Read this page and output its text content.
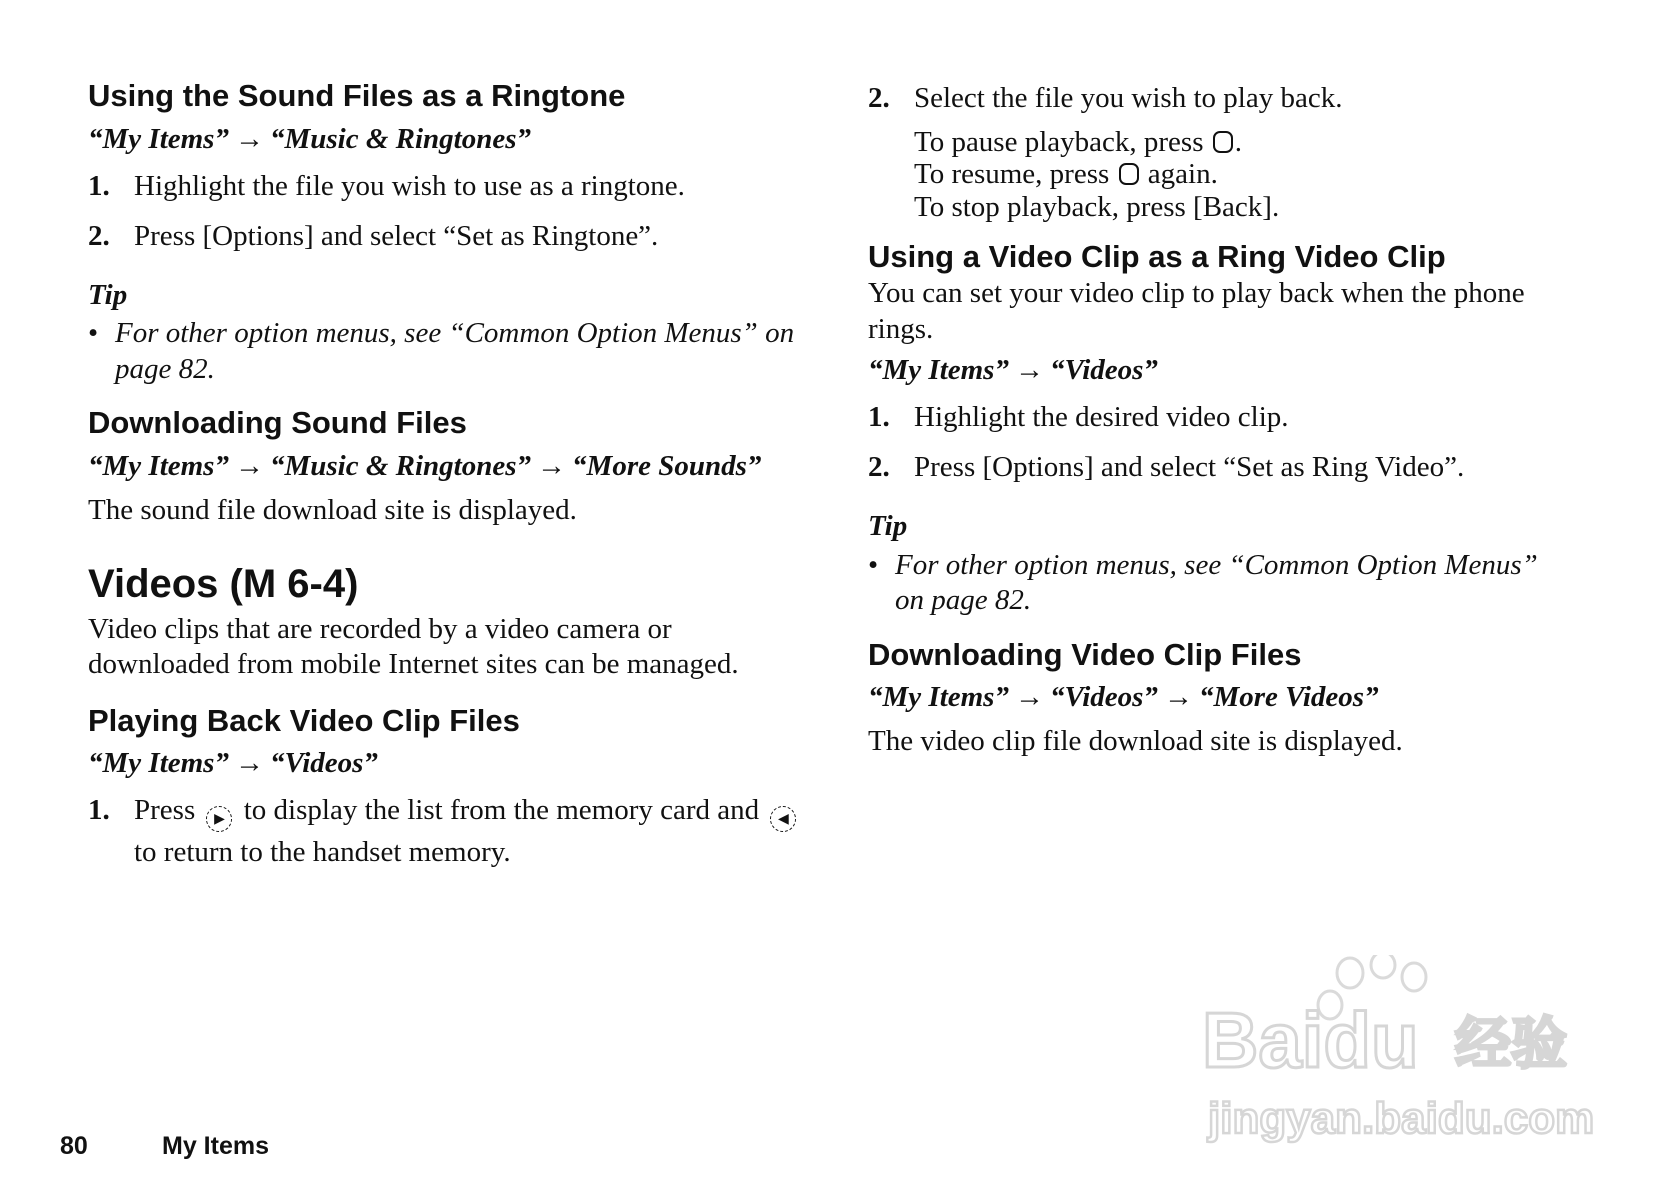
Using the Sound Files as a Ringtone
“My Items” → “Music & Ringtones”
1. Highlight the file you wish to use as a ringtone.
2. Press [Options] and select “Set as Ringtone”.
Tip
• For other option menus, see “Common Option Menus” on page 82.
Downloading Sound Files
“My Items” → “Music & Ringtones” → “More Sounds”

The sound file download site is displayed.

Videos (M 6-4)

Video clips that are recorded by a video camera or downloaded from mobile Internet sites can be managed.

Playing Back Video Clip Files
“My Items” → “Videos”
1. Press ▶ to display the list from the memory card and ◀ to return to the handset memory.
2. Select the file you wish to play back.
To pause playback, press .
To resume, press again.
To stop playback, press [Back].
Using a Video Clip as a Ring Video Clip

You can set your video clip to play back when the phone rings.

“My Items” → “Videos”
1. Highlight the desired video clip.
2. Press [Options] and select “Set as Ring Video”.
Tip
• For other option menus, see “Common Option Menus” on page 82.
Downloading Video Clip Files
“My Items” → “Videos” → “More Videos”

The video clip file download site is displayed.

80	My Items
Baidu 经验
jingyan.baidu.com
